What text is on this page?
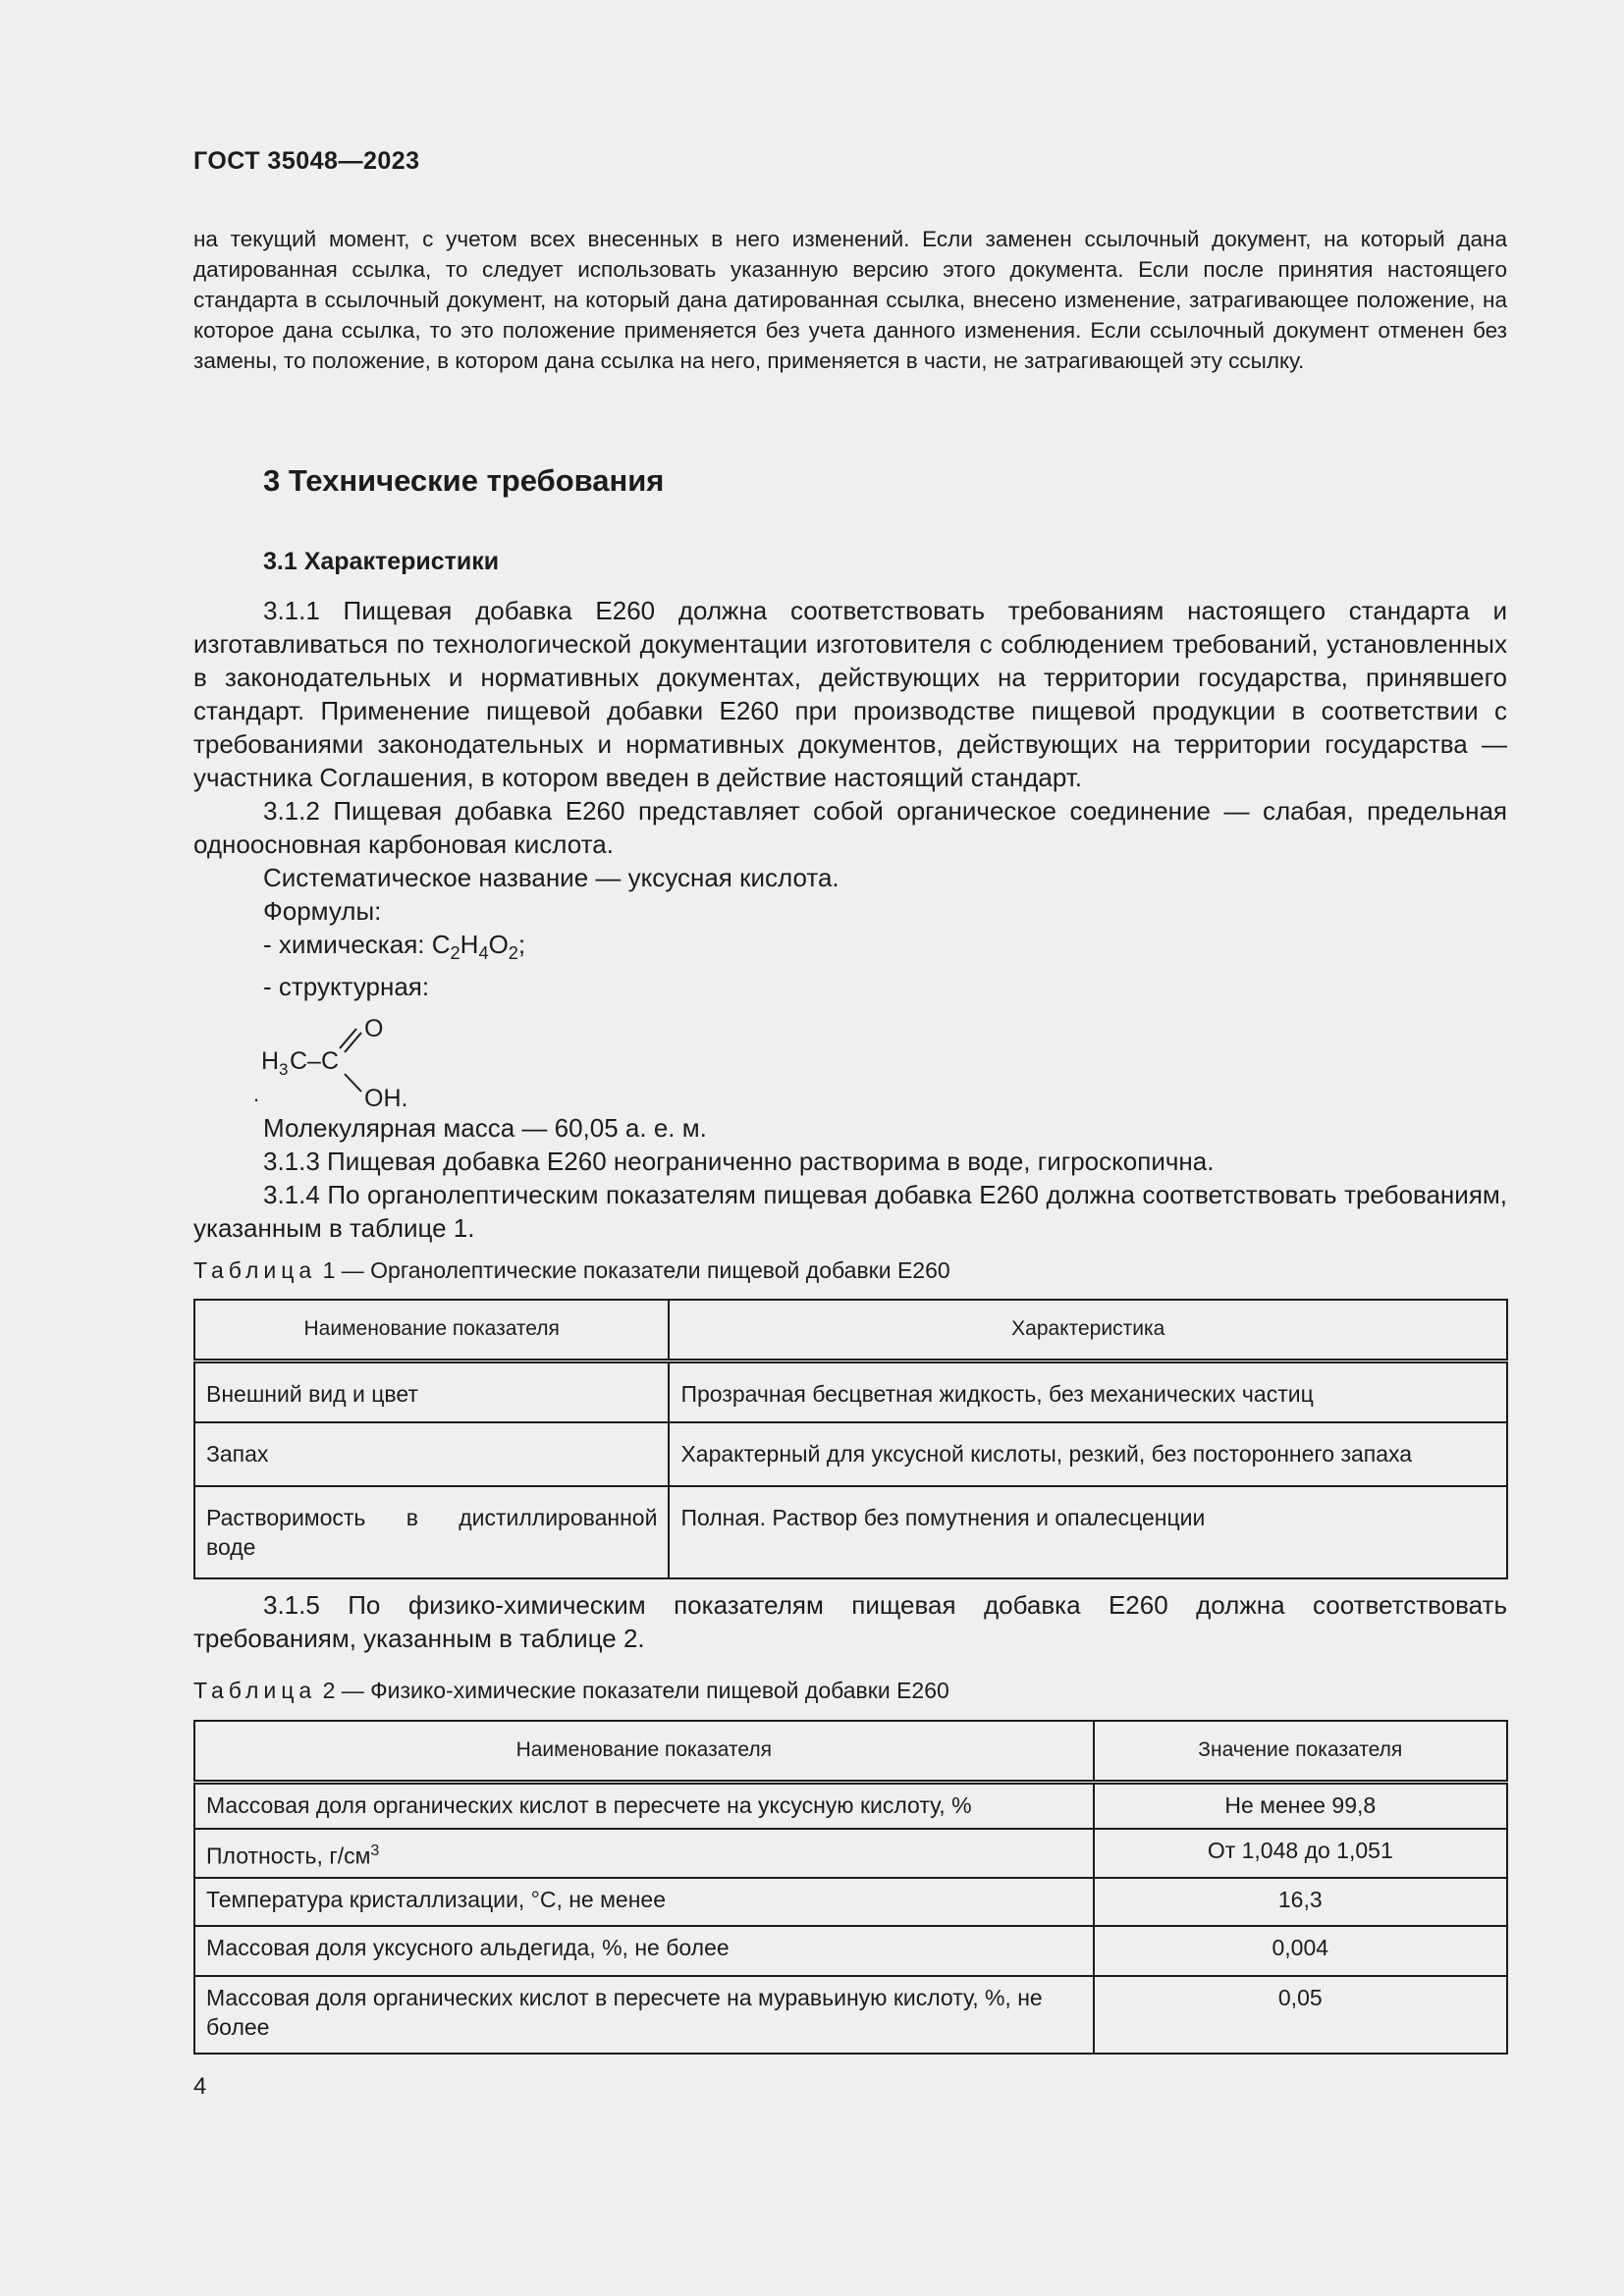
ГОСТ 35048—2023

на текущий момент, с учетом всех внесенных в него изменений. Если заменен ссылочный документ, на который дана датированная ссылка, то следует использовать указанную версию этого документа. Если после принятия настоящего стандарта в ссылочный документ, на который дана датированная ссылка, внесено изменение, затрагивающее положение, на которое дана ссылка, то это положение применяется без учета данного изменения. Если ссылочный документ отменен без замены, то положение, в котором дана ссылка на него, применяется в части, не затрагивающей эту ссылку.

3 Технические требования
3.1 Характеристики

3.1.1 Пищевая добавка Е260 должна соответствовать требованиям настоящего стандарта и изготавливаться по технологической документации изготовителя с соблюдением требований, установленных в законодательных и нормативных документах, действующих на территории государства, принявшего стандарт. Применение пищевой добавки Е260 при производстве пищевой продукции в соответствии с требованиями законодательных и нормативных документов, действующих на территории государства — участника Соглашения, в котором введен в действие настоящий стандарт.

3.1.2 Пищевая добавка Е260 представляет собой органическое соединение — слабая, предельная одноосновная карбоновая кислота.

Систематическое название — уксусная кислота.

Формулы:

- химическая: $C_2H_4O_2$;

- структурная:

.
H 3 C–C
O
OH.

Молекулярная масса — 60,05 а. е. м.

3.1.3 Пищевая добавка Е260 неограниченно растворима в воде, гигроскопична.

3.1.4 По органолептическим показателям пищевая добавка Е260 должна соответствовать требованиям, указанным в таблице 1.

Таблица 1 — Органолептические показатели пищевой добавки Е260
Наименование показателя	Характеристика
Внешний вид и цвет	Прозрачная бесцветная жидкость, без механических частиц
Запах	Характерный для уксусной кислоты, резкий, без постороннего запаха

Растворимость в дистиллированной
воде	Полная. Раствор без помутнения и опалесценции

3.1.5 По физико-химическим показателям пищевая добавка Е260 должна соответствовать требованиям, указанным в таблице 2.

Таблица 2 — Физико-химические показатели пищевой добавки Е260
Наименование показателя	Значение показателя
Массовая доля органических кислот в пересчете на уксусную кислоту, %	Не менее 99,8
Плотность, $г/см^3$	От 1,048 до 1,051
Температура кристаллизации, °С, не менее	16,3
Массовая доля уксусного альдегида, %, не более	0,004
Массовая доля органических кислот в пересчете на муравьиную кислоту, %, не более	0,05
4
